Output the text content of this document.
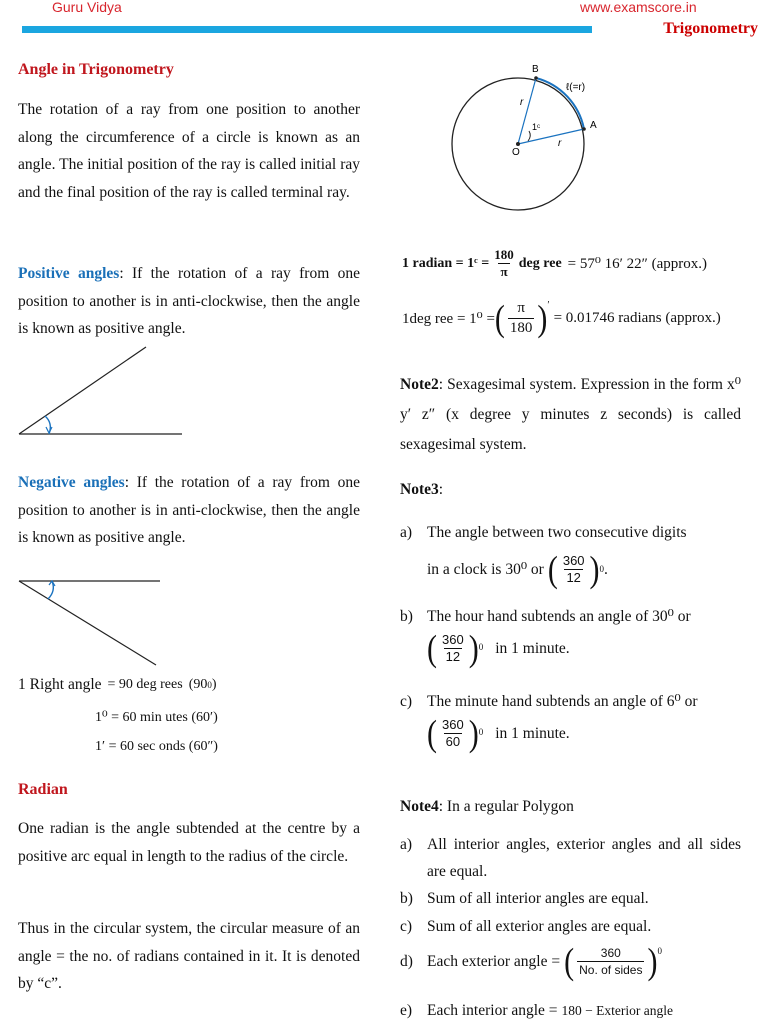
Guru Vidya	www.examscore.in
Trigonometry
Angle in Trigonometry
The rotation of a ray from one position to another along the circumference of a circle is known as an angle. The initial position of the ray is called initial ray and the final position of the ray is called terminal ray.
Positive angles: If the rotation of a ray from one position to another is in anti-clockwise, then the angle is known as positive angle.
Negative angles: If the rotation of a ray from one position to another is in anti-clockwise, then the angle is known as positive angle.
1 Right angle = 90 deg rees (90 0 )
1⁰ = 60 min utes (60′)
1′ = 60 sec onds (60″)
Radian
One radian is the angle subtended at the centre by a positive arc equal in length to the radius of the circle.
Thus in the circular system, the circular measure of an angle = the no. of radians contained in it. It is denoted by “c”.
B
A
O
r
r
ℓ(=r)
1ᶜ
1 radian = 1ᶜ = $\frac{180}{\pi}$ deg ree = 57⁰ 16′ 22″ (approx.)
1deg ree = 1⁰ = ( $\frac{\pi}{180} )'$
= 0.01746 radians (approx.)
Note2: Sexagesimal system. Expression in the form x⁰ y′ z″ (x degree y minutes z seconds) is called sexagesimal system.
Note3:
a) The angle between two consecutive digits
in a clock is 30⁰ or ( $\frac{360}{12}$ ) 0 .
b) The hour hand subtends an angle of 30⁰ or
( $\frac{360}{12}$ ) 0 in 1 minute.
c) The minute hand subtends an angle of 6⁰ or
( $\frac{360}{60}$ ) 0 in 1 minute.
Note4: In a regular Polygon
a) All interior angles, exterior angles and all sides are equal.
b) Sum of all interior angles are equal.
c) Sum of all exterior angles are equal.
d) Each exterior angle = ( $\frac{360}{\text{No. of sides}} )^0$
e) Each interior angle = 180 − Exterior angle
